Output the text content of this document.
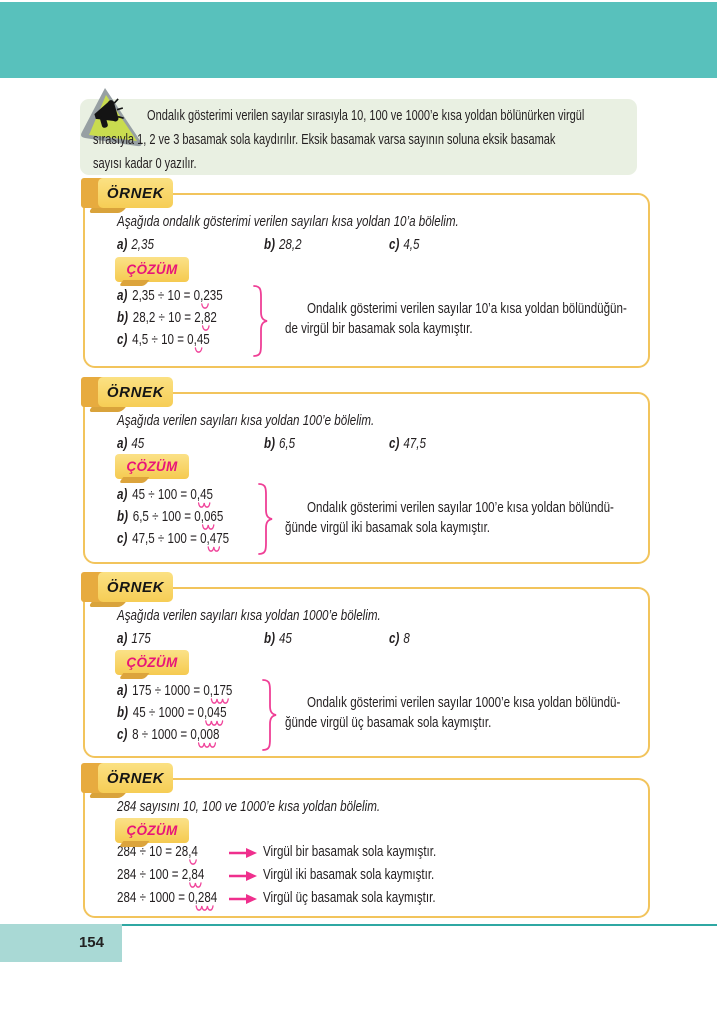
Ondalık gösterimi verilen sayılar sırasıyla 10, 100 ve 1000’e kısa yoldan bölünürken virgül
sırasıyla 1, 2 ve 3 basamak sola kaydırılır. Eksik basamak varsa sayının soluna eksik basamak
sayısı kadar 0 yazılır.
ÖRNEK
Aşağıda ondalık gösterimi verilen sayıları kısa yoldan 10’a bölelim.
a) 2,35	b) 28,2	c) 4,5
ÇÖZÜM
a) 2,35 ÷ 10 = 0,235
b) 28,2 ÷ 10 = 2,82
c) 4,5 ÷ 10 = 0,45
Ondalık gösterimi verilen sayılar 10’a kısa yoldan bölündüğün-
de virgül bir basamak sola kaymıştır.
ÖRNEK
Aşağıda verilen sayıları kısa yoldan 100’e bölelim.
a) 45	b) 6,5	c) 47,5
ÇÖZÜM
a) 45 ÷ 100 = 0,45
b) 6,5 ÷ 100 = 0,065
c) 47,5 ÷ 100 = 0,475
Ondalık gösterimi verilen sayılar 100’e kısa yoldan bölündü-
ğünde virgül iki basamak sola kaymıştır.
ÖRNEK
Aşağıda verilen sayıları kısa yoldan 1000’e bölelim.
a) 175	b) 45	c) 8
ÇÖZÜM
a) 175 ÷ 1000 = 0,175
b) 45 ÷ 1000 = 0,045
c) 8 ÷ 1000 = 0,008
Ondalık gösterimi verilen sayılar 1000’e kısa yoldan bölündü-
ğünde virgül üç basamak sola kaymıştır.
ÖRNEK
284 sayısını 10, 100 ve 1000’e kısa yoldan bölelim.
ÇÖZÜM
284 ÷ 10 = 28,4	Virgül bir basamak sola kaymıştır.
284 ÷ 100 = 2,84	Virgül iki basamak sola kaymıştır.
284 ÷ 1000 = 0,284	Virgül üç basamak sola kaymıştır.
154
